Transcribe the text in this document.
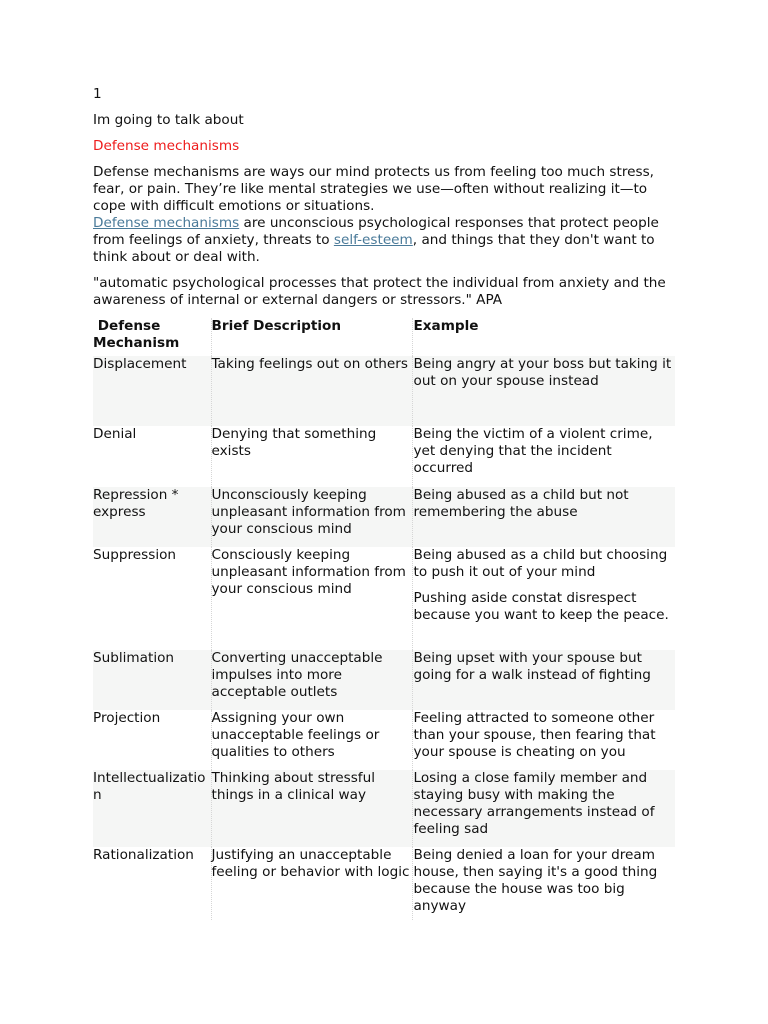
1

Im going to talk about

Defense mechanisms

Defense mechanisms are ways our mind protects us from feeling too much stress, fear, or pain. They’re like mental strategies we use—often without realizing it—to cope with difficult emotions or situations.

Defense mechanisms are unconscious psychological responses that protect people from feelings of anxiety, threats to self-esteem, and things that they don't want to think about or deal with.

"automatic psychological processes that protect the individual from anxiety and the awareness of internal or external dangers or stressors." APA

Defense Mechanism	Brief Description	Example
Displacement	Taking feelings out on others	Being angry at your boss but taking it out on your spouse instead
Denial	Denying that something exists	Being the victim of a violent crime, yet denying that the incident occurred
Repression * express	Unconsciously keeping unpleasant information from your conscious mind	Being abused as a child but not remembering the abuse
Suppression	Consciously keeping unpleasant information from your conscious mind	Being abused as a child but choosing to push it out of your mind
Pushing aside constat disrespect because you want to keep the peace.

Sublimation	Converting unacceptable impulses into more acceptable outlets	Being upset with your spouse but going for a walk instead of fighting
Projection	Assigning your own unacceptable feelings or qualities to others	Feeling attracted to someone other than your spouse, then fearing that your spouse is cheating on you
Intellectualization	Thinking about stressful things in a clinical way	Losing a close family member and staying busy with making the necessary arrangements instead of feeling sad
Rationalization	Justifying an unacceptable feeling or behavior with logic	Being denied a loan for your dream house, then saying it's a good thing because the house was too big anyway
